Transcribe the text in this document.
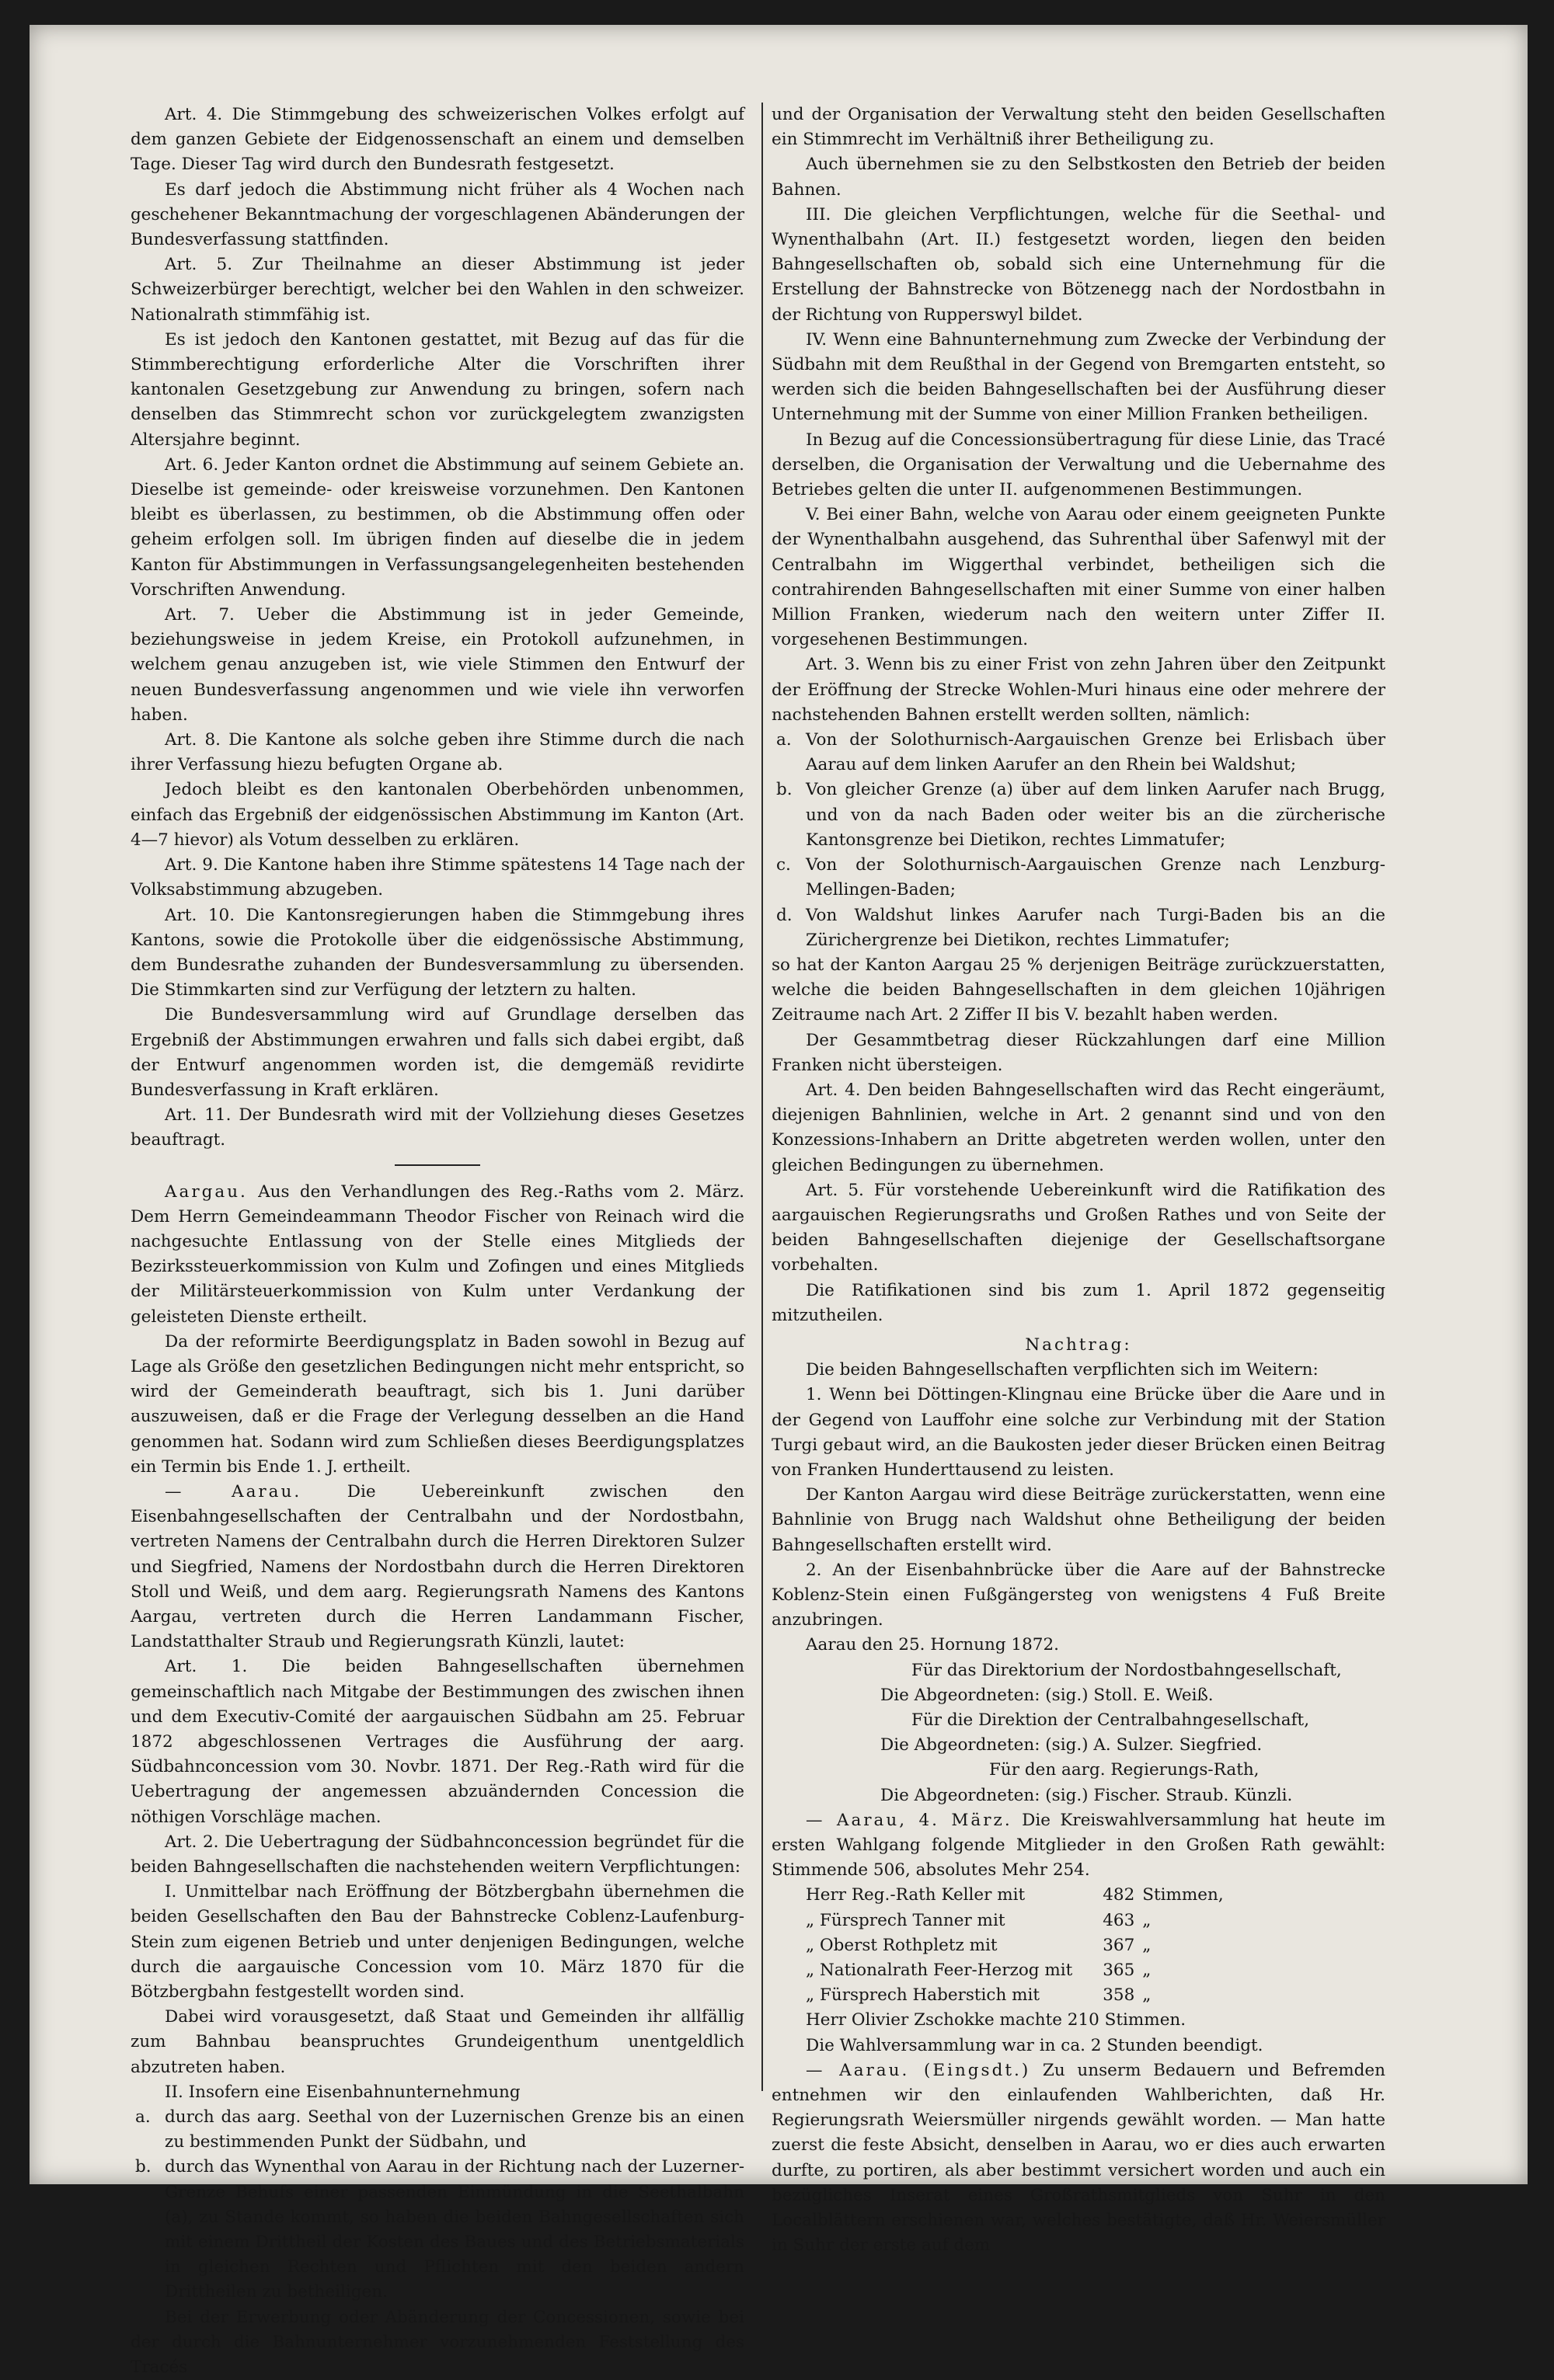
Art. 4. Die Stimmgebung des schweizerischen Volkes erfolgt auf dem ganzen Gebiete der Eidgenossenschaft an einem und demselben Tage. Dieser Tag wird durch den Bundesrath festgesetzt.

Es darf jedoch die Abstimmung nicht früher als 4 Wochen nach geschehener Bekanntmachung der vorgeschlagenen Abänderungen der Bundesverfassung stattfinden.

Art. 5. Zur Theilnahme an dieser Abstimmung ist jeder Schweizerbürger berechtigt, welcher bei den Wahlen in den schweizer. Nationalrath stimmfähig ist.

Es ist jedoch den Kantonen gestattet, mit Bezug auf das für die Stimmberechtigung erforderliche Alter die Vorschriften ihrer kantonalen Gesetzgebung zur Anwendung zu bringen, sofern nach denselben das Stimmrecht schon vor zurückgelegtem zwanzigsten Altersjahre beginnt.

Art. 6. Jeder Kanton ordnet die Abstimmung auf seinem Gebiete an. Dieselbe ist gemeinde- oder kreisweise vorzunehmen. Den Kantonen bleibt es überlassen, zu bestimmen, ob die Abstimmung offen oder geheim erfolgen soll. Im übrigen finden auf dieselbe die in jedem Kanton für Abstimmungen in Verfassungsangelegenheiten bestehenden Vorschriften Anwendung.

Art. 7. Ueber die Abstimmung ist in jeder Gemeinde, beziehungsweise in jedem Kreise, ein Protokoll aufzunehmen, in welchem genau anzugeben ist, wie viele Stimmen den Entwurf der neuen Bundesverfassung angenommen und wie viele ihn verworfen haben.

Art. 8. Die Kantone als solche geben ihre Stimme durch die nach ihrer Verfassung hiezu befugten Organe ab.

Jedoch bleibt es den kantonalen Oberbehörden unbenommen, einfach das Ergebniß der eidgenössischen Abstimmung im Kanton (Art. 4—7 hievor) als Votum desselben zu erklären.

Art. 9. Die Kantone haben ihre Stimme spätestens 14 Tage nach der Volksabstimmung abzugeben.

Art. 10. Die Kantonsregierungen haben die Stimmgebung ihres Kantons, sowie die Protokolle über die eidgenössische Abstimmung, dem Bundesrathe zuhanden der Bundesversammlung zu übersenden. Die Stimmkarten sind zur Verfügung der letztern zu halten.

Die Bundesversammlung wird auf Grundlage derselben das Ergebniß der Abstimmungen erwahren und falls sich dabei ergibt, daß der Entwurf angenommen worden ist, die demgemäß revidirte Bundesverfassung in Kraft erklären.

Art. 11. Der Bundesrath wird mit der Vollziehung dieses Gesetzes beauftragt.

Aargau. Aus den Verhandlungen des Reg.-Raths vom 2. März. Dem Herrn Gemeindeammann Theodor Fischer von Reinach wird die nachgesuchte Entlassung von der Stelle eines Mitglieds der Bezirkssteuerkommission von Kulm und Zofingen und eines Mitglieds der Militärsteuerkommission von Kulm unter Verdankung der geleisteten Dienste ertheilt.

Da der reformirte Beerdigungsplatz in Baden sowohl in Bezug auf Lage als Größe den gesetzlichen Bedingungen nicht mehr entspricht, so wird der Gemeinderath beauftragt, sich bis 1. Juni darüber auszuweisen, daß er die Frage der Verlegung desselben an die Hand genommen hat. Sodann wird zum Schließen dieses Beerdigungsplatzes ein Termin bis Ende 1. J. ertheilt.

— Aarau.	Die Uebereinkunft zwischen den Eisenbahngesellschaften der Centralbahn und der Nordostbahn, vertreten Namens der Centralbahn durch die Herren Direktoren Sulzer und Siegfried, Namens der Nordostbahn durch die Herren Direktoren Stoll und Weiß, und dem aarg. Regierungsrath Namens des Kantons Aargau, vertreten durch die Herren Landammann Fischer, Landstatthalter Straub und Regierungsrath Künzli, lautet:

Art. 1. Die beiden Bahngesellschaften übernehmen gemeinschaftlich nach Mitgabe der Bestimmungen des zwischen ihnen und dem Executiv-Comité der aargauischen Südbahn am 25. Februar 1872 abgeschlossenen Vertrages die Ausführung der aarg. Südbahnconcession vom 30. Novbr. 1871. Der Reg.-Rath wird für die Uebertragung der angemessen abzuändernden Concession die nöthigen Vorschläge machen.

Art. 2. Die Uebertragung der Südbahnconcession begründet für die beiden Bahngesellschaften die nachstehenden weitern Verpflichtungen:

I. Unmittelbar nach Eröffnung der Bötzbergbahn übernehmen die beiden Gesellschaften den Bau der Bahnstrecke Coblenz-Laufenburg-Stein zum eigenen Betrieb und unter denjenigen Bedingungen, welche durch die aargauische Concession vom 10. März 1870 für die Bötzbergbahn festgestellt worden sind.

Dabei wird vorausgesetzt, daß Staat und Gemeinden ihr allfällig zum Bahnbau beanspruchtes Grundeigenthum unentgeldlich abzutreten haben.

II. Insofern eine Eisenbahnunternehmung

a. durch das aarg. Seethal von der Luzernischen Grenze bis an einen zu bestimmenden Punkt der Südbahn, und

b. durch das Wynenthal von Aarau in der Richtung nach der Luzerner-Grenze Behufs einer passenden Einmündung in die Seethalbahn (a), zu Stande kommt, so haben die beiden Bahngesellschaften sich mit einem Drittheil der Kosten des Baues und des Betriebsmaterials in gleichen Rechten und Pflichten mit den beiden andern Drittheilen zu betheiligen.

Bei der Erwerbung oder Abänderung der Concessionen, sowie bei der durch die Bahnunternehmer vorzunehmenden Feststellung des Tracés

und der Organisation der Verwaltung steht den beiden Gesellschaften ein Stimmrecht im Verhältniß ihrer Betheiligung zu.

Auch übernehmen sie zu den Selbstkosten den Betrieb der beiden Bahnen.

III. Die gleichen Verpflichtungen, welche für die Seethal- und Wynenthalbahn (Art. II.) festgesetzt worden, liegen den beiden Bahngesellschaften ob, sobald sich eine Unternehmung für die Erstellung der Bahnstrecke von Bötzenegg nach der Nordostbahn in der Richtung von Rupperswyl bildet.

IV. Wenn eine Bahnunternehmung zum Zwecke der Verbindung der Südbahn mit dem Reußthal in der Gegend von Bremgarten entsteht, so werden sich die beiden Bahngesellschaften bei der Ausführung dieser Unternehmung mit der Summe von einer Million Franken betheiligen.

In Bezug auf die Concessionsübertragung für diese Linie, das Tracé derselben, die Organisation der Verwaltung und die Uebernahme des Betriebes gelten die unter II. aufgenommenen Bestimmungen.

V. Bei einer Bahn, welche von Aarau oder einem geeigneten Punkte der Wynenthalbahn ausgehend, das Suhrenthal über Safenwyl mit der Centralbahn im Wiggerthal verbindet, betheiligen sich die contrahirenden Bahngesellschaften mit einer Summe von einer halben Million Franken, wiederum nach den weitern unter Ziffer II. vorgesehenen Bestimmungen.

Art. 3. Wenn bis zu einer Frist von zehn Jahren über den Zeitpunkt der Eröffnung der Strecke Wohlen-Muri hinaus eine oder mehrere der nachstehenden Bahnen erstellt werden sollten, nämlich:

a. Von der Solothurnisch-Aargauischen Grenze bei Erlisbach über Aarau auf dem linken Aarufer an den Rhein bei Waldshut;

b. Von gleicher Grenze (a) über auf dem linken Aarufer nach Brugg, und von da nach Baden oder weiter bis an die zürcherische Kantonsgrenze bei Dietikon, rechtes Limmatufer;

c. Von der Solothurnisch-Aargauischen Grenze nach Lenzburg-Mellingen-Baden;

d. Von Waldshut linkes Aarufer nach Turgi-Baden bis an die Zürichergrenze bei Dietikon, rechtes Limmatufer;

so hat der Kanton Aargau 25 % derjenigen Beiträge zurückzuerstatten, welche die beiden Bahngesellschaften in dem gleichen 10jährigen Zeitraume nach Art. 2 Ziffer II bis V. bezahlt haben werden.

Der Gesammtbetrag dieser Rückzahlungen darf eine Million Franken nicht übersteigen.

Art. 4. Den beiden Bahngesellschaften wird das Recht eingeräumt, diejenigen Bahnlinien, welche in Art. 2 genannt sind und von den Konzessions-Inhabern an Dritte abgetreten werden wollen, unter den gleichen Bedingungen zu übernehmen.

Art. 5. Für vorstehende Uebereinkunft wird die Ratifikation des aargauischen Regierungsraths und Großen Rathes und von Seite der beiden Bahngesellschaften diejenige der Gesellschaftsorgane vorbehalten.

Die Ratifikationen sind bis zum 1. April 1872 gegenseitig mitzutheilen.

Nachtrag:

Die beiden Bahngesellschaften verpflichten sich im Weitern:

1. Wenn bei Döttingen-Klingnau eine Brücke über die Aare und in der Gegend von Lauffohr eine solche zur Verbindung mit der Station Turgi gebaut wird, an die Baukosten jeder dieser Brücken einen Beitrag von Franken Hunderttausend zu leisten.

Der Kanton Aargau wird diese Beiträge zurückerstatten, wenn eine Bahnlinie von Brugg nach Waldshut ohne Betheiligung der beiden Bahngesellschaften erstellt wird.

2. An der Eisenbahnbrücke über die Aare auf der Bahnstrecke Koblenz-Stein einen Fußgängersteg von wenigstens 4 Fuß Breite anzubringen.

Aarau den 25. Hornung 1872.

Für das Direktorium der Nordostbahngesellschaft,

Die Abgeordneten: (sig.) Stoll. E. Weiß.

Für die Direktion der Centralbahngesellschaft,

Die Abgeordneten: (sig.) A. Sulzer. Siegfried.

Für den aarg. Regierungs-Rath,

Die Abgeordneten: (sig.) Fischer. Straub. Künzli.

— Aarau, 4. März. Die Kreiswahlversammlung hat heute im ersten Wahlgang folgende Mitglieder in den Großen Rath gewählt: Stimmende 506, absolutes Mehr 254.

Herr Reg.-Rath Keller mit	482	Stimmen,
„ Fürsprech Tanner mit	463	„
„ Oberst Rothpletz mit	367	„
„ Nationalrath Feer-Herzog mit	365	„
„ Fürsprech Haberstich mit	358	„

Herr Olivier Zschokke machte 210 Stimmen.

Die Wahlversammlung war in ca. 2 Stunden beendigt.

— Aarau. (Eingsdt.) Zu unserm Bedauern und Befremden entnehmen wir den einlaufenden Wahlberichten, daß Hr. Regierungsrath Weiersmüller nirgends gewählt worden. — Man hatte zuerst die feste Absicht, denselben in Aarau, wo er dies auch erwarten durfte, zu portiren, als aber bestimmt versichert worden und auch ein bezügliches Inserat eines Großrathsmitglieds von Suhr in den Localblättern erschienen war, welches bestätigte, daß Hr. Weiersmüller in Suhr der erste auf dem
